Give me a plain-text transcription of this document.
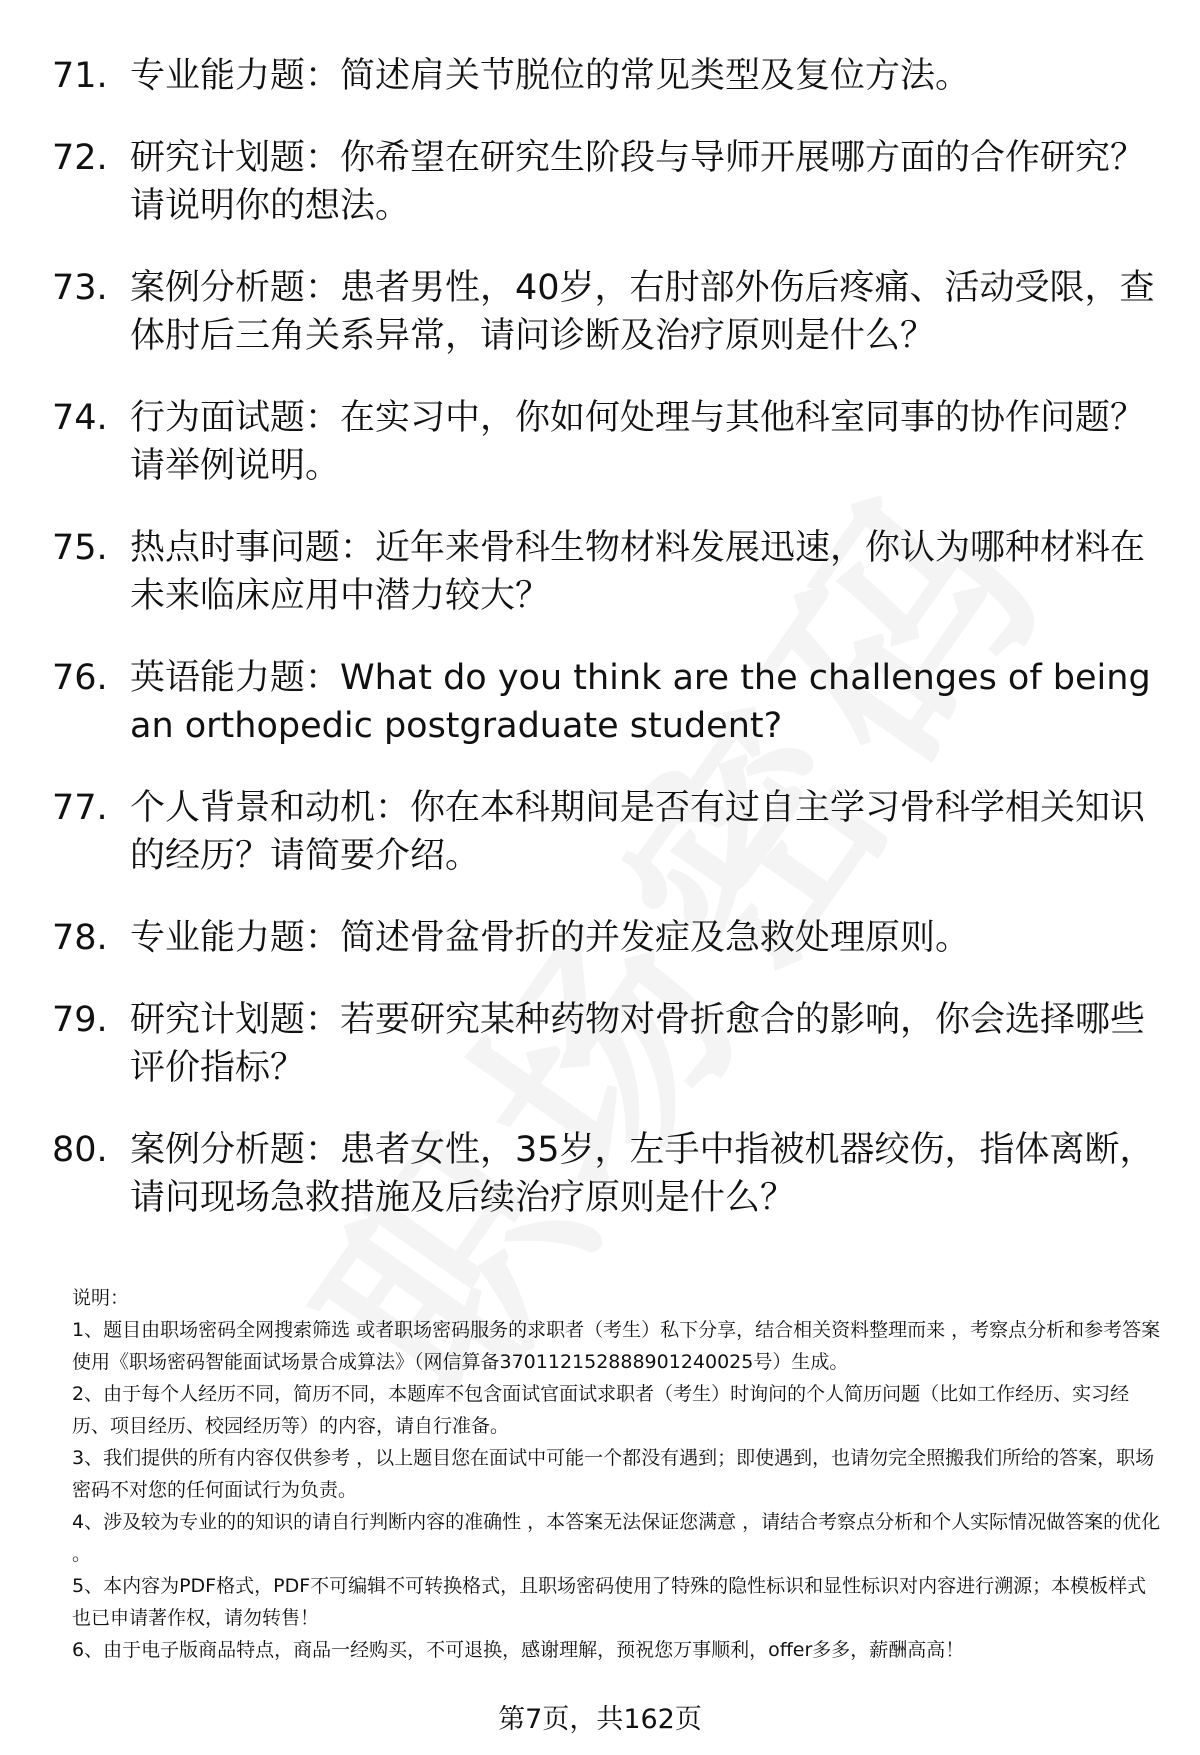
71. 专业能力题：简述肩关节脱位的常见类型及复位方法。
72. 研究计划题：你希望在研究生阶段与导师开展哪方面的合作研究？请说明你的想法。
73. 案例分析题：患者男性，40岁，右肘部外伤后疼痛、活动受限，查体肘后三角关系异常，请问诊断及治疗原则是什么？
74. 行为面试题：在实习中，你如何处理与其他科室同事的协作问题？请举例说明。
75. 热点时事问题：近年来骨科生物材料发展迅速，你认为哪种材料在未来临床应用中潜力较大？
76. 英语能力题：What do you think are the challenges of being an orthopedic postgraduate student?
77. 个人背景和动机：你在本科期间是否有过自主学习骨科学相关知识的经历？请简要介绍。
78. 专业能力题：简述骨盆骨折的并发症及急救处理原则。
79. 研究计划题：若要研究某种药物对骨折愈合的影响，你会选择哪些评价指标？
80. 案例分析题：患者女性，35岁，左手中指被机器绞伤，指体离断，请问现场急救措施及后续治疗原则是什么？

说明：

1、题目由职场密码全网搜索筛选 或者职场密码服务的求职者（考生）私下分享，结合相关资料整理而来 ，考察点分析和参考答案使用《职场密码智能面试场景合成算法》（网信算备370112152888901240025号）生成。

2、由于每个人经历不同，简历不同，本题库不包含面试官面试求职者（考生）时询问的个人简历问题（比如工作经历、实习经历、项目经历、校园经历等）的内容，请自行准备。

3、我们提供的所有内容仅供参考 ，以上题目您在面试中可能一个都没有遇到；即使遇到，也请勿完全照搬我们所给的答案，职场密码不对您的任何面试行为负责。

4、涉及较为专业的的知识的请自行判断内容的准确性 ，本答案无法保证您满意 ，请结合考察点分析和个人实际情况做答案的优化 。

5、本内容为PDF格式，PDF不可编辑不可转换格式，且职场密码使用了特殊的隐性标识和显性标识对内容进行溯源；本模板样式也已申请著作权，请勿转售！

6、由于电子版商品特点，商品一经购买，不可退换，感谢理解，预祝您万事顺利，offer多多，薪酬高高！

第7页，共162页
